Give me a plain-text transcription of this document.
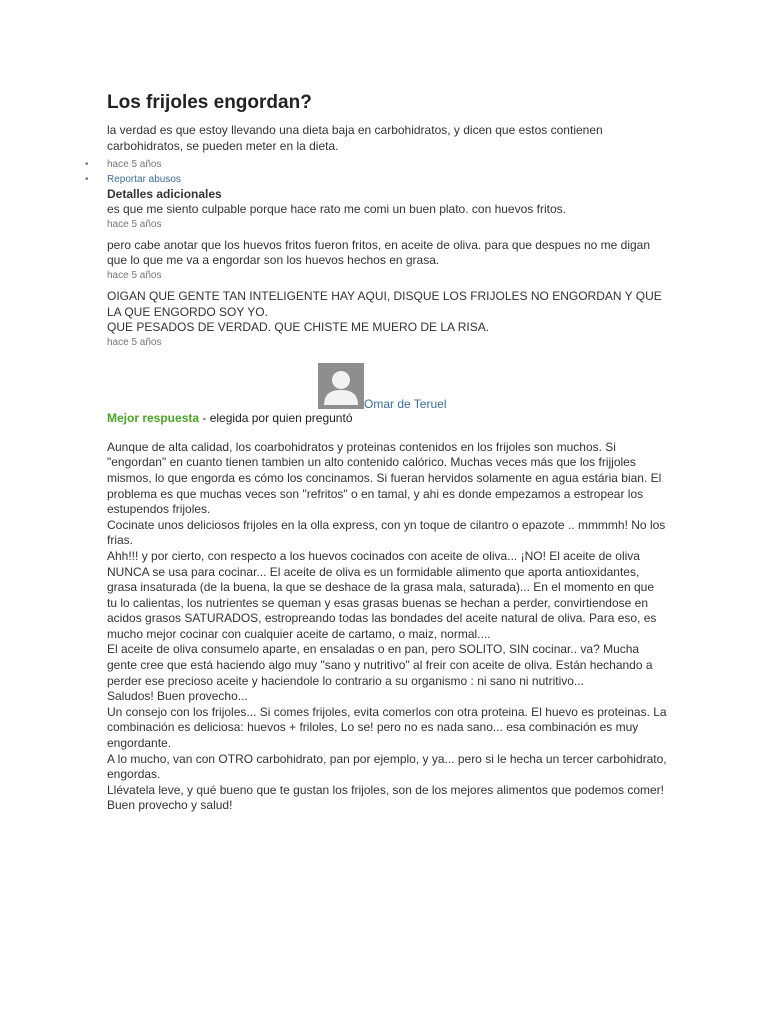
Los frijoles engordan?

la verdad es que estoy llevando una dieta baja en carbohidratos, y dicen que estos contienen carbohidratos, se pueden meter en la dieta.

• hace 5 años
• Reportar abusos
Detalles adicionales

es que me siento culpable porque hace rato me comi un buen plato. con huevos fritos.

hace 5 años

pero cabe anotar que los huevos fritos fueron fritos, en aceite de oliva. para que despues no me digan que lo que me va a engordar son los huevos hechos en grasa.

hace 5 años

OIGAN QUE GENTE TAN INTELIGENTE HAY AQUI, DISQUE LOS FRIJOLES NO ENGORDAN Y QUE LA QUE ENGORDO SOY YO.

QUE PESADOS DE VERDAD. QUE CHISTE ME MUERO DE LA RISA.

hace 5 años

Omar de Teruel

Mejor respuesta - elegida por quien preguntó

Aunque de alta calidad, los coarbohidratos y proteinas contenidos en los frijoles son muchos. Si "engordan" en cuanto tienen tambien un alto contenido calórico. Muchas veces más que los frijjoles mismos, lo que engorda es cómo los concinamos. Si fueran hervidos solamente en agua estária bian. El problema es que muchas veces son "refritos" o en tamal, y ahi es donde empezamos a estropear los estupendos frijoles.

Cocinate unos deliciosos frijoles en la olla express, con yn toque de cilantro o epazote .. mmmmh! No los frias.

Ahh!!! y por cierto, con respecto a los huevos cocinados con aceite de oliva... ¡NO! El aceite de oliva NUNCA se usa para cocinar... El aceite de oliva es un formidable alimento que aporta antioxidantes, grasa insaturada (de la buena, la que se deshace de la grasa mala, saturada)... En el momento en que tu lo calientas, los nutrientes se queman y esas grasas buenas se hechan a perder, convirtiendose en acidos grasos SATURADOS, estropreando todas las bondades del aceite natural de oliva. Para eso, es mucho mejor cocinar con cualquier aceite de cartamo, o maiz, normal....

El aceite de oliva consumelo aparte, en ensaladas o en pan, pero SOLITO, SIN cocinar.. va? Mucha gente cree que está haciendo algo muy "sano y nutritivo" al freir con aceite de oliva. Están hechando a perder ese precioso aceite y haciendole lo contrario a su organismo : ni sano ni nutritivo...

Saludos! Buen provecho...

Un consejo con los frijoles... Si comes frijoles, evita comerlos con otra proteina. El huevo es proteinas. La combinación es deliciosa: huevos + friloles, Lo se! pero no es nada sano... esa combinación es muy engordante.

A lo mucho, van con OTRO carbohidrato, pan por ejemplo, y ya... pero si le hecha un tercer carbohidrato, engordas.

Llévatela leve, y qué bueno que te gustan los frijoles, son de los mejores alimentos que podemos comer!

Buen provecho y salud!
